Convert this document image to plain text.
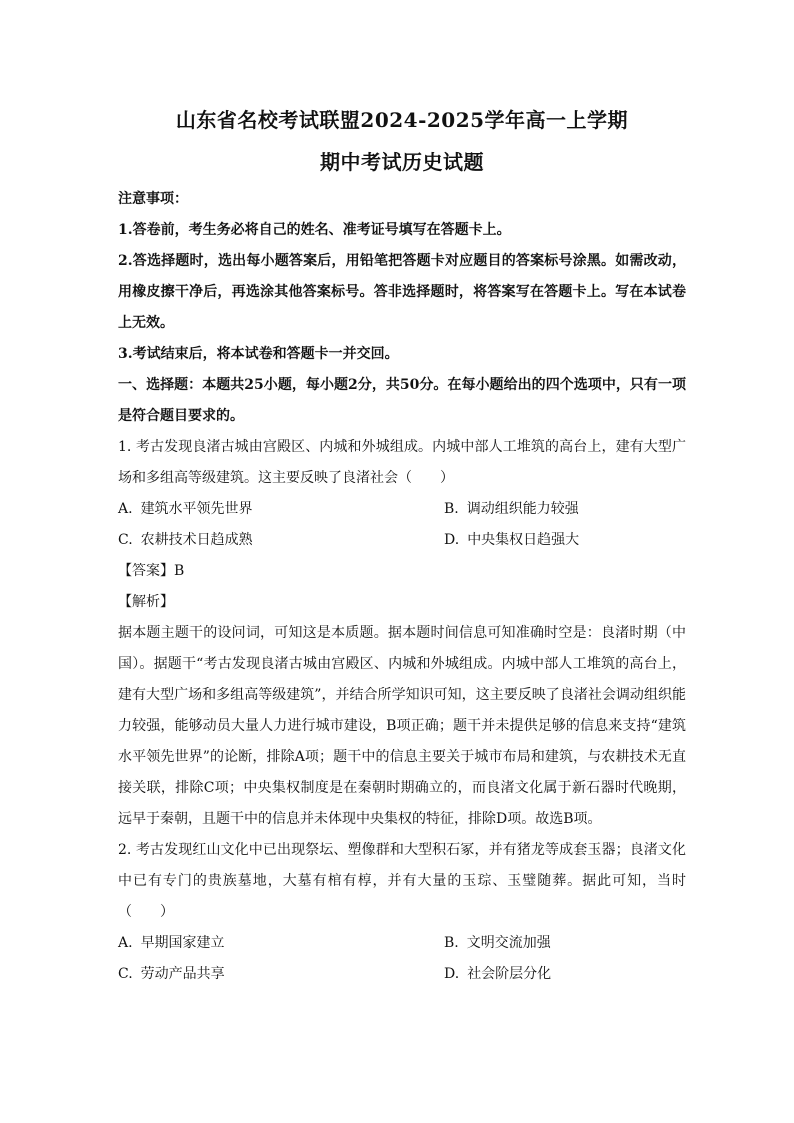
山东省名校考试联盟2024-2025学年高一上学期
期中考试历史试题

注意事项：

1.答卷前，考生务必将自己的姓名、准考证号填写在答题卡上。

2.答选择题时，选出每小题答案后，用铅笔把答题卡对应题目的答案标号涂黑。如需改动，用橡皮擦干净后，再选涂其他答案标号。答非选择题时，将答案写在答题卡上。写在本试卷上无效。

3.考试结束后，将本试卷和答题卡一并交回。

一、选择题：本题共25小题，每小题2分，共50分。在每小题给出的四个选项中，只有一项是符合题目要求的。

1. 考古发现良渚古城由宫殿区、内城和外城组成。内城中部人工堆筑的高台上，建有大型广场和多组高等级建筑。这主要反映了良渚社会（　　）

A. 建筑水平领先世界	B. 调动组织能力较强

C. 农耕技术日趋成熟	D. 中央集权日趋强大

【答案】B

【解析】

据本题主题干的设问词，可知这是本质题。据本题时间信息可知准确时空是：良渚时期（中国）。据题干“考古发现良渚古城由宫殿区、内城和外城组成。内城中部人工堆筑的高台上，建有大型广场和多组高等级建筑”，并结合所学知识可知，这主要反映了良渚社会调动组织能力较强，能够动员大量人力进行城市建设，B项正确；题干并未提供足够的信息来支持“建筑水平领先世界”的论断，排除A项；题干中的信息主要关于城市布局和建筑，与农耕技术无直接关联，排除C项；中央集权制度是在秦朝时期确立的，而良渚文化属于新石器时代晚期，远早于秦朝，且题干中的信息并未体现中央集权的特征，排除D项。故选B项。

2. 考古发现红山文化中已出现祭坛、塑像群和大型积石冢，并有猪龙等成套玉器；良渚文化中已有专门的贵族墓地，大墓有棺有椁，并有大量的玉琮、玉璧随葬。据此可知，当时（　　）

A. 早期国家建立	B. 文明交流加强

C. 劳动产品共享	D. 社会阶层分化
